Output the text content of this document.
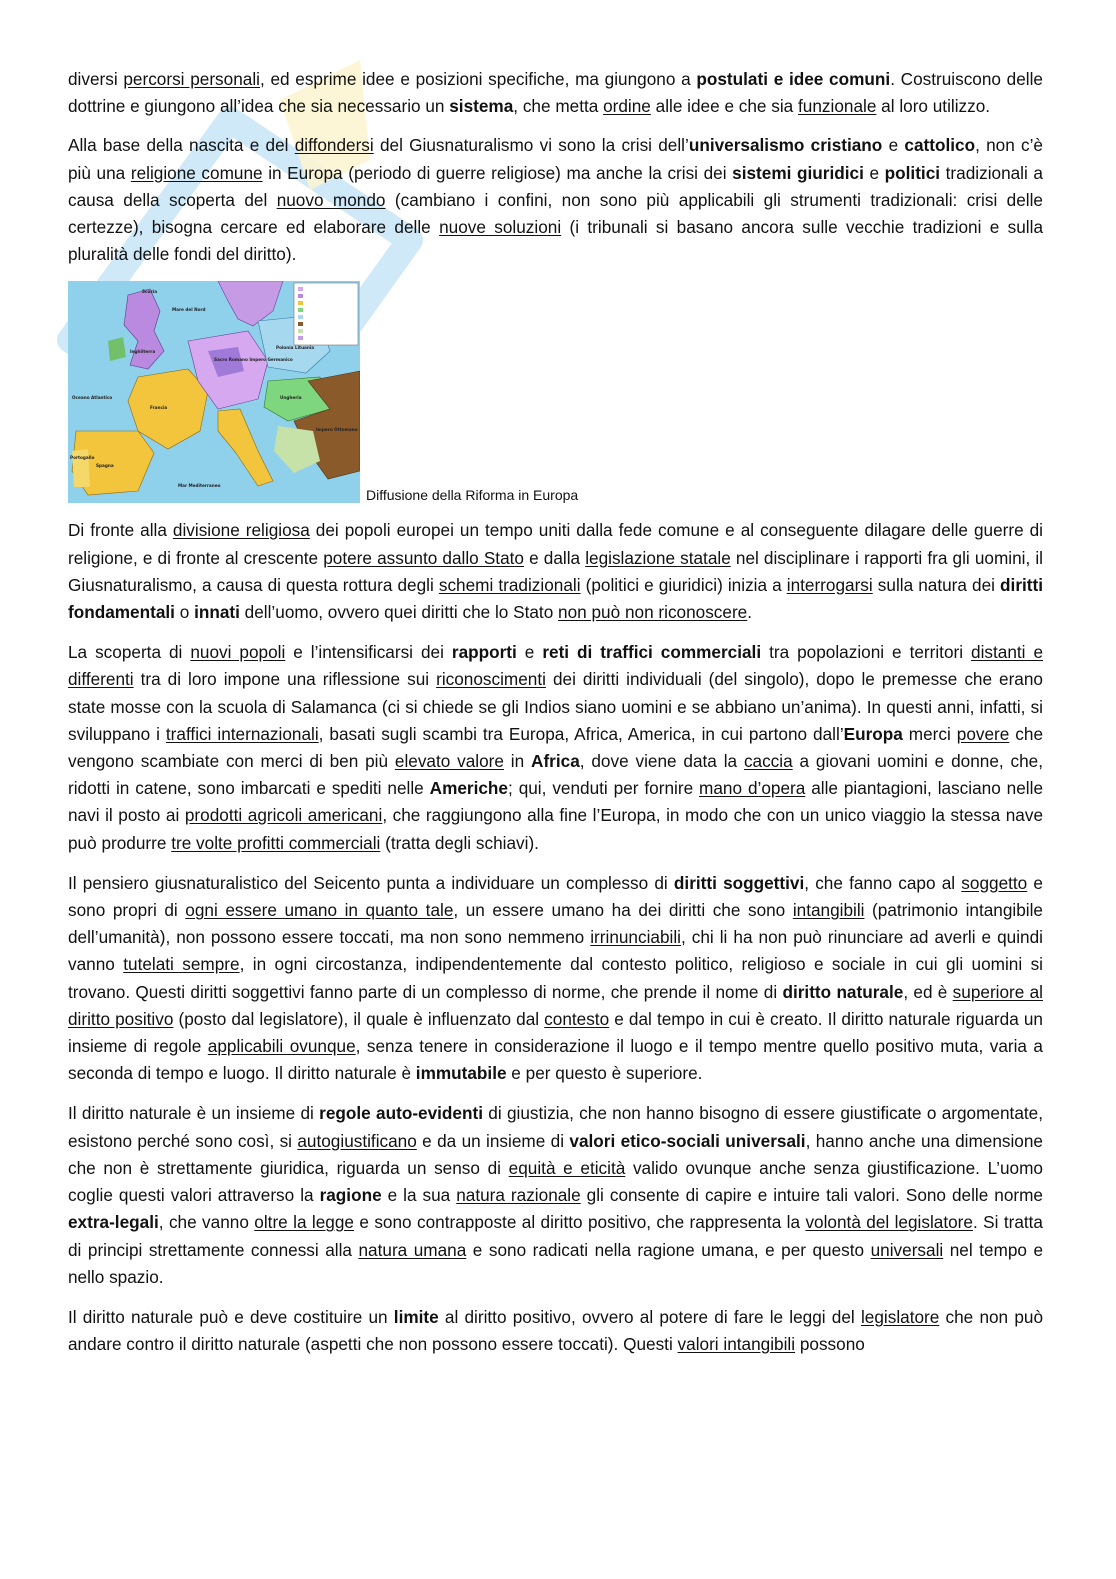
diversi percorsi personali, ed esprime idee e posizioni specifiche, ma giungono a postulati e idee comuni. Costruiscono delle dottrine e giungono all’idea che sia necessario un sistema, che metta ordine alle idee e che sia funzionale al loro utilizzo.

Alla base della nascita e del diffondersi del Giusnaturalismo vi sono la crisi dell’universalismo cristiano e cattolico, non c’è più una religione comune in Europa (periodo di guerre religiose) ma anche la crisi dei sistemi giuridici e politici tradizionali a causa della scoperta del nuovo mondo (cambiano i confini, non sono più applicabili gli strumenti tradizionali: crisi delle certezze), bisogna cercare ed elaborare delle nuove soluzioni (i tribunali si basano ancora sulle vecchie tradizioni e sulla pluralità delle fondi del diritto).

Mare del Nord
Scozia
Inghilterra
Francia
Sacro Romano Impero Germanico
Polonia Lituania
Ungheria
Impero Ottomano
Spagna
Portogallo
Mar Mediterraneo
Oceano Atlantico
Diffusione della Riforma in Europa

Di fronte alla divisione religiosa dei popoli europei un tempo uniti dalla fede comune e al conseguente dilagare delle guerre di religione, e di fronte al crescente potere assunto dallo Stato e dalla legislazione statale nel disciplinare i rapporti fra gli uomini, il Giusnaturalismo, a causa di questa rottura degli schemi tradizionali (politici e giuridici) inizia a interrogarsi sulla natura dei diritti fondamentali o innati dell’uomo, ovvero quei diritti che lo Stato non può non riconoscere.

La scoperta di nuovi popoli e l’intensificarsi dei rapporti e reti di traffici commerciali tra popolazioni e territori distanti e differenti tra di loro impone una riflessione sui riconoscimenti dei diritti individuali (del singolo), dopo le premesse che erano state mosse con la scuola di Salamanca (ci si chiede se gli Indios siano uomini e se abbiano un’anima). In questi anni, infatti, si sviluppano i traffici internazionali, basati sugli scambi tra Europa, Africa, America, in cui partono dall’Europa merci povere che vengono scambiate con merci di ben più elevato valore in Africa, dove viene data la caccia a giovani uomini e donne, che, ridotti in catene, sono imbarcati e spediti nelle Americhe; qui, venduti per fornire mano d’opera alle piantagioni, lasciano nelle navi il posto ai prodotti agricoli americani, che raggiungono alla fine l’Europa, in modo che con un unico viaggio la stessa nave può produrre tre volte profitti commerciali (tratta degli schiavi).

Il pensiero giusnaturalistico del Seicento punta a individuare un complesso di diritti soggettivi, che fanno capo al soggetto e sono propri di ogni essere umano in quanto tale, un essere umano ha dei diritti che sono intangibili (patrimonio intangibile dell’umanità), non possono essere toccati, ma non sono nemmeno irrinunciabili, chi li ha non può rinunciare ad averli e quindi vanno tutelati sempre, in ogni circostanza, indipendentemente dal contesto politico, religioso e sociale in cui gli uomini si trovano. Questi diritti soggettivi fanno parte di un complesso di norme, che prende il nome di diritto naturale, ed è superiore al diritto positivo (posto dal legislatore), il quale è influenzato dal contesto e dal tempo in cui è creato. Il diritto naturale riguarda un insieme di regole applicabili ovunque, senza tenere in considerazione il luogo e il tempo mentre quello positivo muta, varia a seconda di tempo e luogo. Il diritto naturale è immutabile e per questo è superiore.

Il diritto naturale è un insieme di regole auto-evidenti di giustizia, che non hanno bisogno di essere giustificate o argomentate, esistono perché sono così, si autogiustificano e da un insieme di valori etico-sociali universali, hanno anche una dimensione che non è strettamente giuridica, riguarda un senso di equità e eticità valido ovunque anche senza giustificazione. L’uomo coglie questi valori attraverso la ragione e la sua natura razionale gli consente di capire e intuire tali valori. Sono delle norme extra-legali, che vanno oltre la legge e sono contrapposte al diritto positivo, che rappresenta la volontà del legislatore. Si tratta di principi strettamente connessi alla natura umana e sono radicati nella ragione umana, e per questo universali nel tempo e nello spazio.

Il diritto naturale può e deve costituire un limite al diritto positivo, ovvero al potere di fare le leggi del legislatore che non può andare contro il diritto naturale (aspetti che non possono essere toccati). Questi valori intangibili possono
